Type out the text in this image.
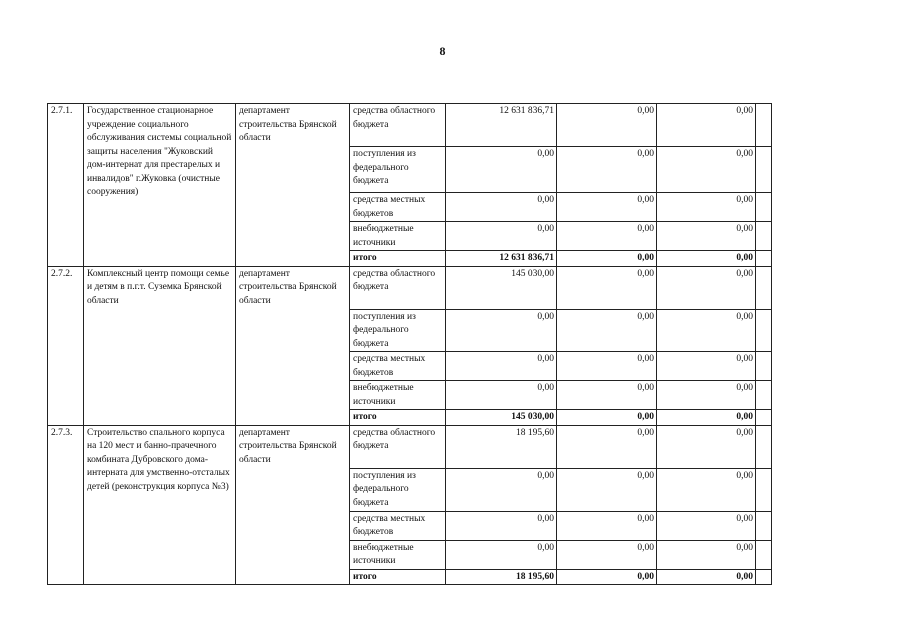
8
2.7.1.	Государственное стационарное учреждение социального обслуживания системы социальной защиты населения "Жуковский дом-интернат для престарелых и инвалидов" г.Жуковка (очистные сооружения)	департамент строительства Брянской области	средства областного бюджета	12 631 836,71	0,00	0,00	
			поступления из федерального бюджета	0,00	0,00	0,00	
			средства местных бюджетов	0,00	0,00	0,00	
			внебюджетные источники	0,00	0,00	0,00	
			итого	12 631 836,71	0,00	0,00	
2.7.2.	Комплексный центр помощи семье и детям в п.г.т. Суземка Брянской области	департамент строительства Брянской области	средства областного бюджета	145 030,00	0,00	0,00	
			поступления из федерального бюджета	0,00	0,00	0,00	
			средства местных бюджетов	0,00	0,00	0,00	
			внебюджетные источники	0,00	0,00	0,00	
			итого	145 030,00	0,00	0,00	
2.7.3.	Строительство спального корпуса на 120 мест и банно-прачечного комбината Дубровского дома-интерната для умственно-отсталых детей (реконструкция корпуса №3)	департамент строительства Брянской области	средства областного бюджета	18 195,60	0,00	0,00	
			поступления из федерального бюджета	0,00	0,00	0,00	
			средства местных бюджетов	0,00	0,00	0,00	
			внебюджетные источники	0,00	0,00	0,00	
			итого	18 195,60	0,00	0,00	
